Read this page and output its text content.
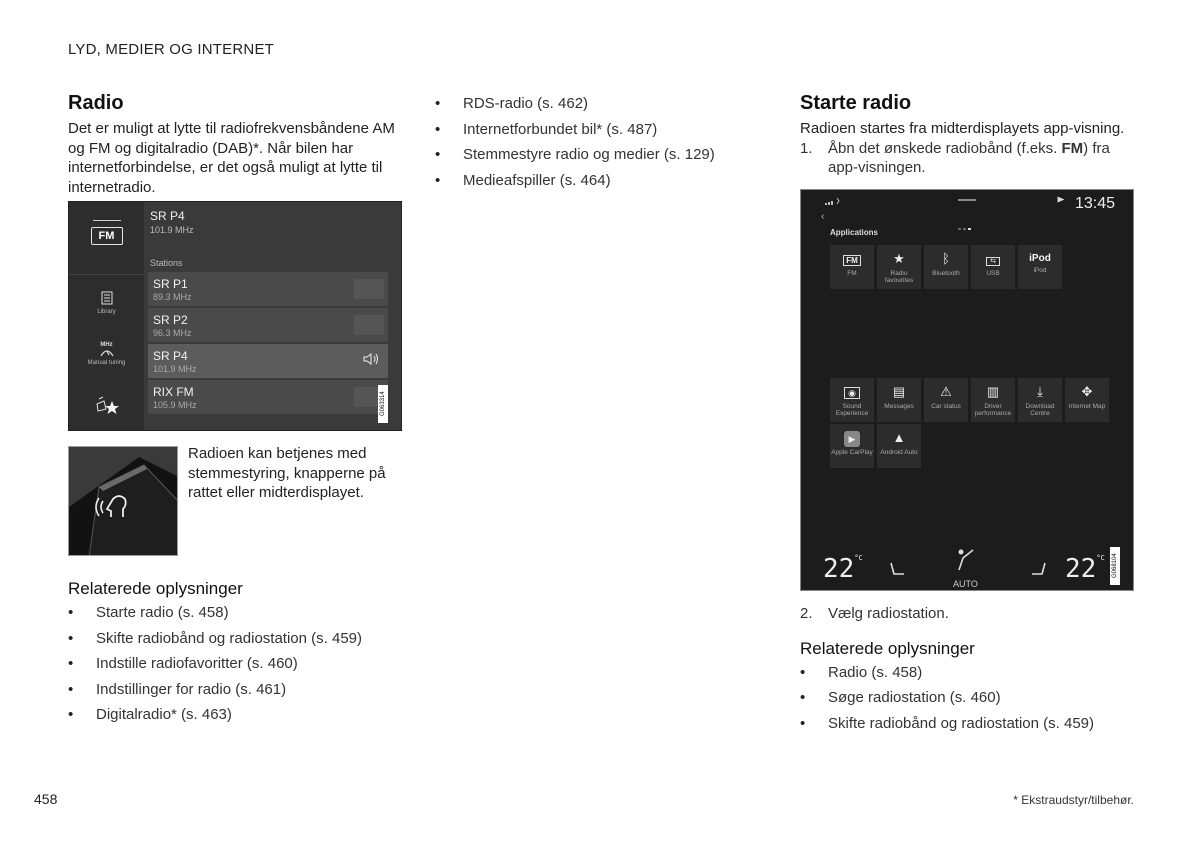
LYD, MEDIER OG INTERNET
Radio

Det er muligt at lytte til radiofrekvensbåndene AM og FM og digitalradio (DAB)*. Når bilen har internetforbindelse, er det også muligt at lytte til internetradio.

FM
Library
MHz
Manual tuning
SR P4
101.9 MHz
Stations
SR P1
89.3 MHz
SR P2
96.3 MHz
SR P4
101.9 MHz
RIX FM
105.9 MHz	G063314
Radioen kan betjenes med stemmestyring, knapperne på rattet eller midterdisplayet.
Relaterede oplysninger
• Starte radio (s. 458)
• Skifte radiobånd og radiostation (s. 459)
• Indstille radiofavoritter (s. 460)
• Indstillinger for radio (s. 461)
• Digitalradio* (s. 463)
• RDS-radio (s. 462)
• Internetforbundet bil* (s. 487)
• Stemmestyre radio og medier (s. 129)
• Medieafspiller (s. 464)
Starte radio

Radioen startes fra midterdisplayets app-visning.

1. Åbn det ønskede radiobånd (f.eks. FM) fra app-visningen.
13:45
‹
Applications
FM
FM
★
Radio favourites
ᛒ
Bluetooth
⇆
USB
iPod
iPod
◉
Sound Experience
▤
Messages
⚠
Car status
▥
Driver performance
⤓
Download Centre
✥
Internet Map
▶
Apple CarPlay
▲
Android Auto
$22^{^\circ C}$
AUTO	$22^{^\circ C}$	G068104
2. Vælg radiostation.
Relaterede oplysninger
• Radio (s. 458)
• Søge radiostation (s. 460)
• Skifte radiobånd og radiostation (s. 459)
458	* Ekstraudstyr/tilbehør.
